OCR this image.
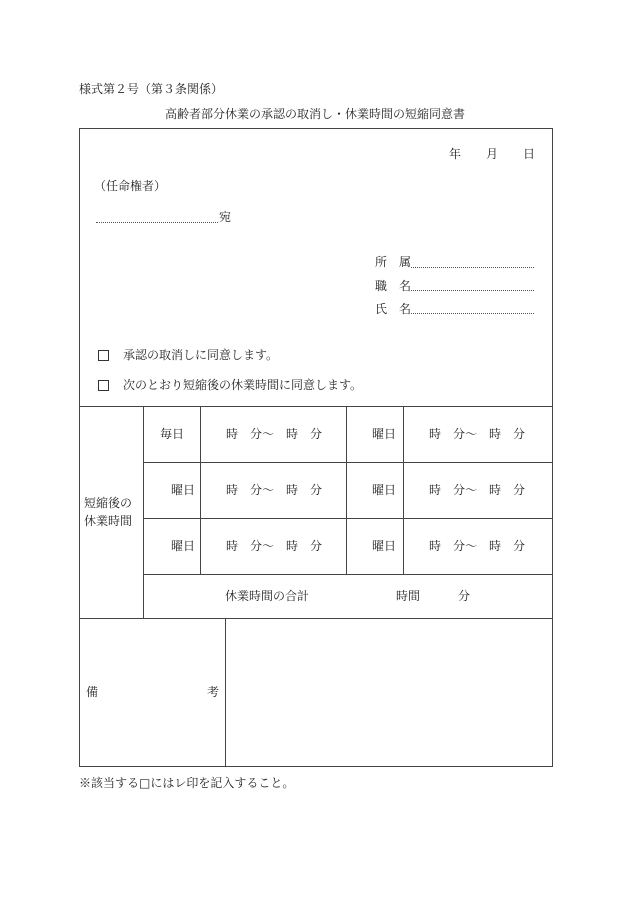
様式第２号（第３条関係）
高齢者部分休業の承認の取消し・休業時間の短縮同意書
年 月 日
（任命権者）
宛
所　属
職　名
氏　名
承認の取消しに同意します。
次のとおり短縮後の休業時間に同意します。
短縮後の
休業時間
毎日	時　分～　時　分	曜日	時　分～　時　分
曜日	時　分～　時　分	曜日	時　分～　時　分
曜日	時　分～　時　分	曜日	時　分～　時　分
休業時間の合計	時間	分
備	考
※該当する□にはレ印を記入すること。
